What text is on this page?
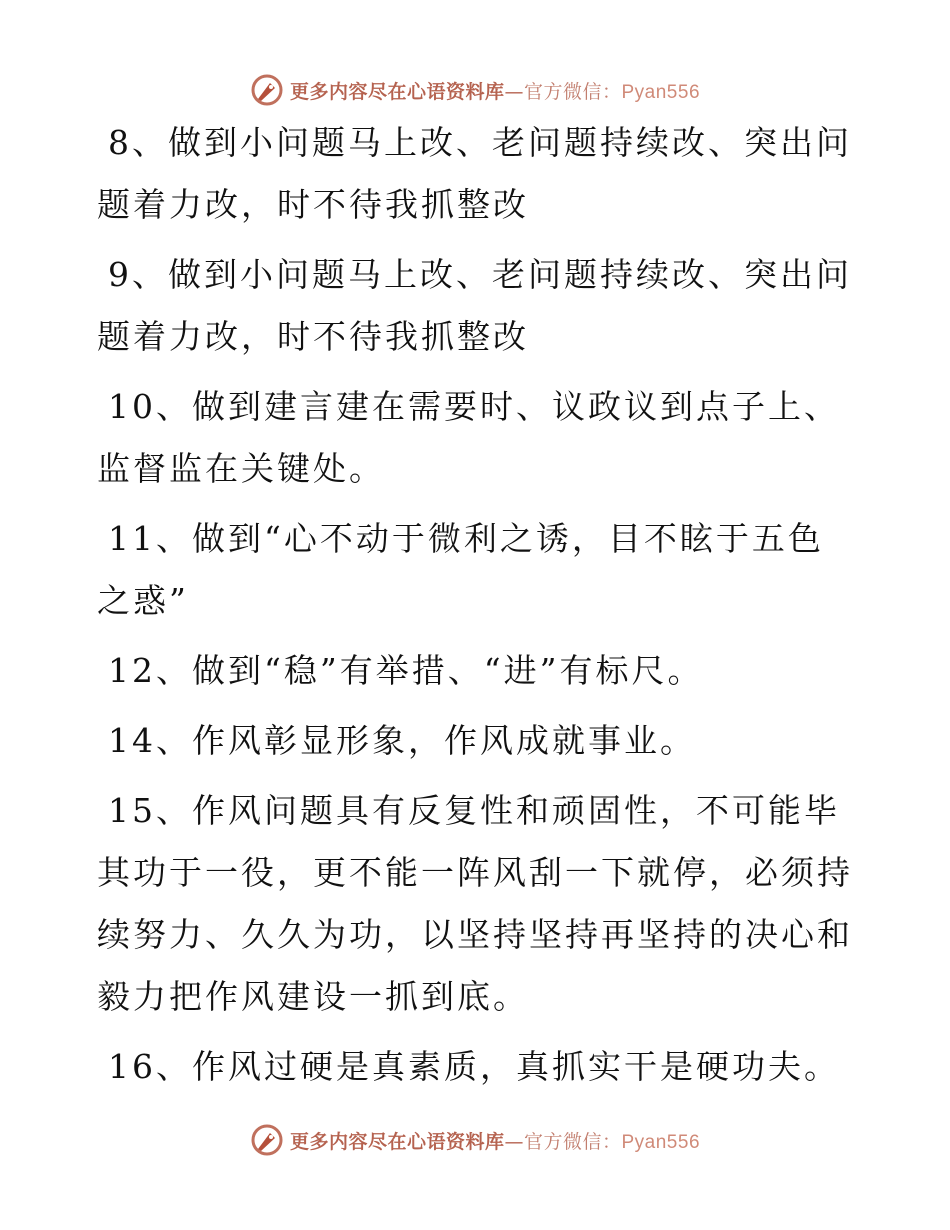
更多内容尽在心语资料库—官方微信：Pyan556

8、做到小问题马上改、老问题持续改、突出问题着力改，时不待我抓整改

9、做到小问题马上改、老问题持续改、突出问题着力改，时不待我抓整改

10、做到建言建在需要时、议政议到点子上、监督监在关键处。

11、做到“心不动于微利之诱，目不眩于五色之惑”

12、做到“稳”有举措、“进”有标尺。

14、作风彰显形象，作风成就事业。

15、作风问题具有反复性和顽固性，不可能毕其功于一役，更不能一阵风刮一下就停，必须持续努力、久久为功，以坚持坚持再坚持的决心和毅力把作风建设一抓到底。

16、作风过硬是真素质，真抓实干是硬功夫。

更多内容尽在心语资料库—官方微信：Pyan556
